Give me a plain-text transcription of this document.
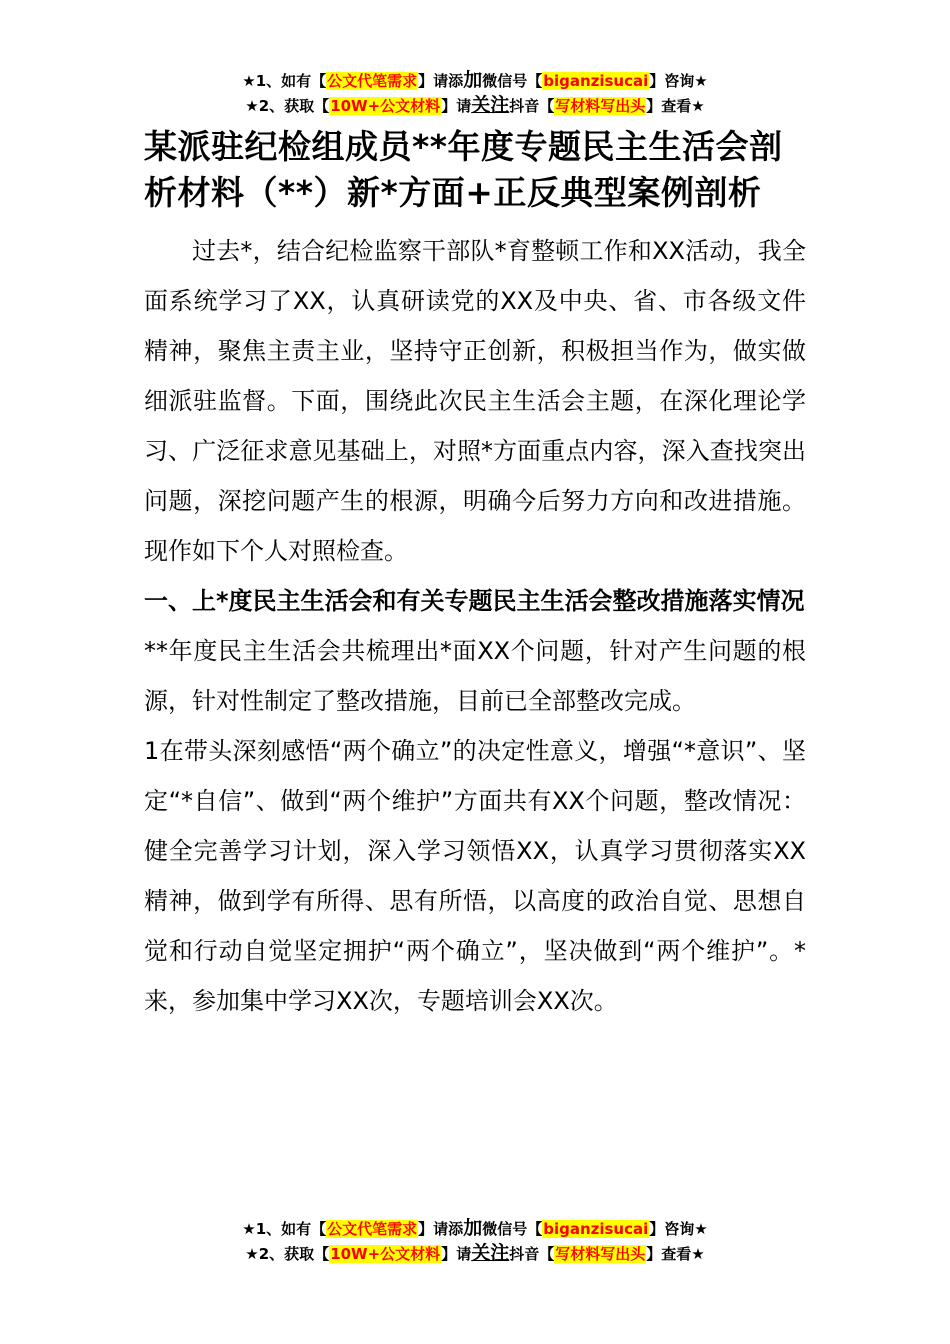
★1、如有【公文代笔需求】请添加微信号【biganzisucai】咨询★
★2、获取【10W+公文材料】请关注抖音【写材料写出头】查看★
某派驻纪检组成员**年度专题民主生活会剖析材料（**）新*方面+正反典型案例剖析

过去*，结合纪检监察干部队*育整顿工作和XX活动，我全面系统学习了XX，认真研读党的XX及中央、省、市各级文件精神，聚焦主责主业，坚持守正创新，积极担当作为，做实做细派驻监督。下面，围绕此次民主生活会主题，在深化理论学习、广泛征求意见基础上，对照*方面重点内容，深入查找突出问题，深挖问题产生的根源，明确今后努力方向和改进措施。现作如下个人对照检查。

一、上*度民主生活会和有关专题民主生活会整改措施落实情况

**年度民主生活会共梳理出*面XX个问题，针对产生问题的根源，针对性制定了整改措施，目前已全部整改完成。

1在带头深刻感悟“两个确立”的决定性意义，增强“*意识”、坚定“*自信”、做到“两个维护”方面共有XX个问题，整改情况：健全完善学习计划，深入学习领悟XX，认真学习贯彻落实XX精神，做到学有所得、思有所悟，以高度的政治自觉、思想自觉和行动自觉坚定拥护“两个确立”，坚决做到“两个维护”。*来，参加集中学习XX次，专题培训会XX次。

★1、如有【公文代笔需求】请添加微信号【biganzisucai】咨询★
★2、获取【10W+公文材料】请关注抖音【写材料写出头】查看★
